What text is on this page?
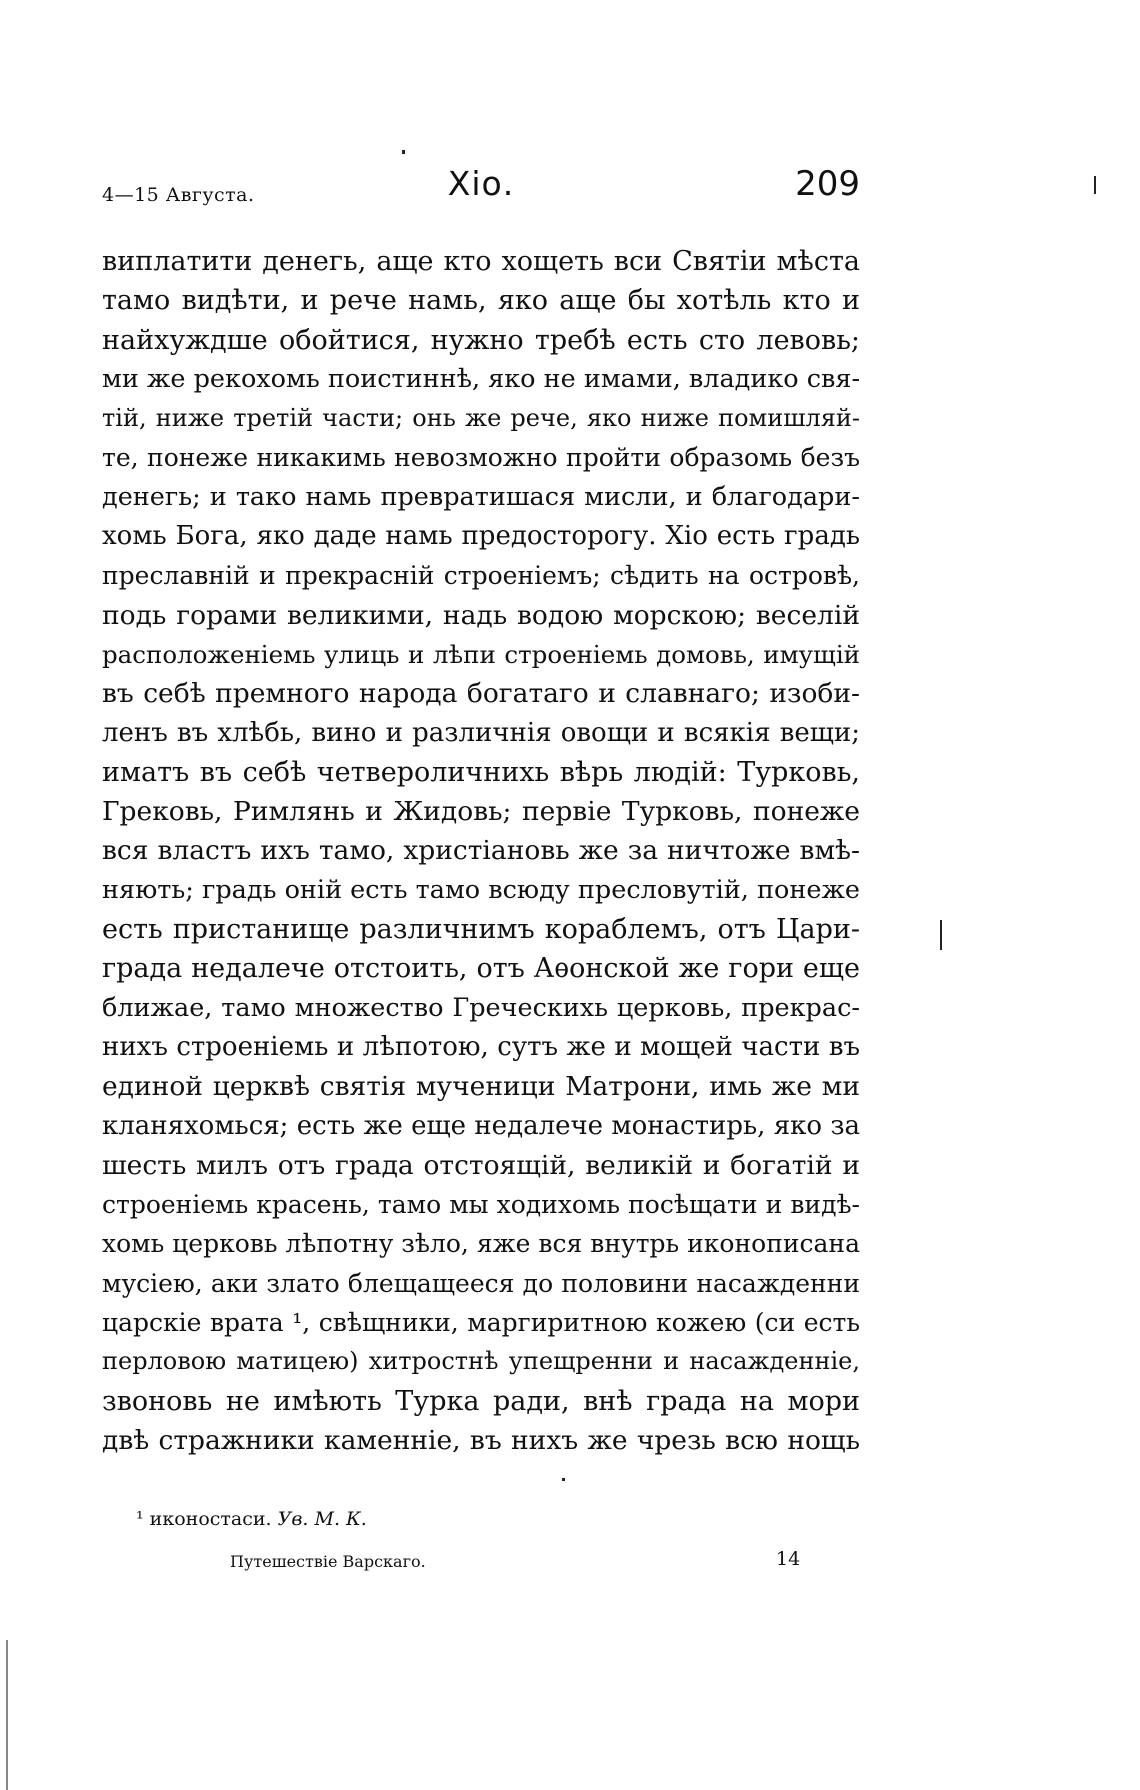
4—15 Августа.	Хіо.	209
виплатити денегь, аще кто хощеть вси Святіи мѣста
тамо видѣти, и рече намь, яко аще бы хотѣль кто и
найхуждше обойтися, нужно требѣ есть сто левовь;
ми же рекохомь поистиннѣ, яко не имами, владико свя-
тій, ниже третій части; онь же рече, яко ниже помишляй-
те, понеже никакимь невозможно пройти образомь безъ
денегь; и тако намь превратишася мисли, и благодари-
хомь Бога, яко даде намь предосторогу. Хіо есть градь
преславній и прекрасній строеніемъ; сѣдить на островѣ,
подь горами великими, надь водою морскою; веселій
расположеніемь улиць и лѣпи строеніемь домовь, имущій
въ себѣ премного народа богатаго и славнаго; изоби-
ленъ въ хлѣбь, вино и различнія овощи и всякія вещи;
иматъ въ себѣ четвероличнихь вѣрь людій: Турковь,
Грековь, Римлянь и Жидовь; первіе Турковь, понеже
вся властъ ихъ тамо, христіановь же за ничтоже вмѣ-
няють; градь оній есть тамо всюду пресловутій, понеже
есть пристанище различнимъ кораблемъ, отъ Цари-
града недалече отстоить, отъ Аѳонской же гори еще
ближае, тамо множество Греческихь церковь, прекрас-
нихъ строеніемь и лѣпотою, сутъ же и мощей части въ
единой церквѣ святія мученици Матрони, имь же ми
кланяхомься; есть же еще недалече монастирь, яко за
шесть милъ отъ града отстоящій, великій и богатій и
строеніемь красень, тамо мы ходихомь посѣщати и видѣ-
хомь церковь лѣпотну зѣло, яже вся внутрь иконописана
мусіею, аки злато блещащееся до половини насажденни
царскіе врата ¹, свѣщники, маргиритною кожею (си есть
перловою матицею) хитростнѣ упещренни и насажденніе,
звоновь не имѣють Турка ради, внѣ града на мори
двѣ стражники каменніе, въ нихъ же чрезь всю нощь
¹ иконостаси. Ув. М. К.
Путешествіе Варскаго.	14
